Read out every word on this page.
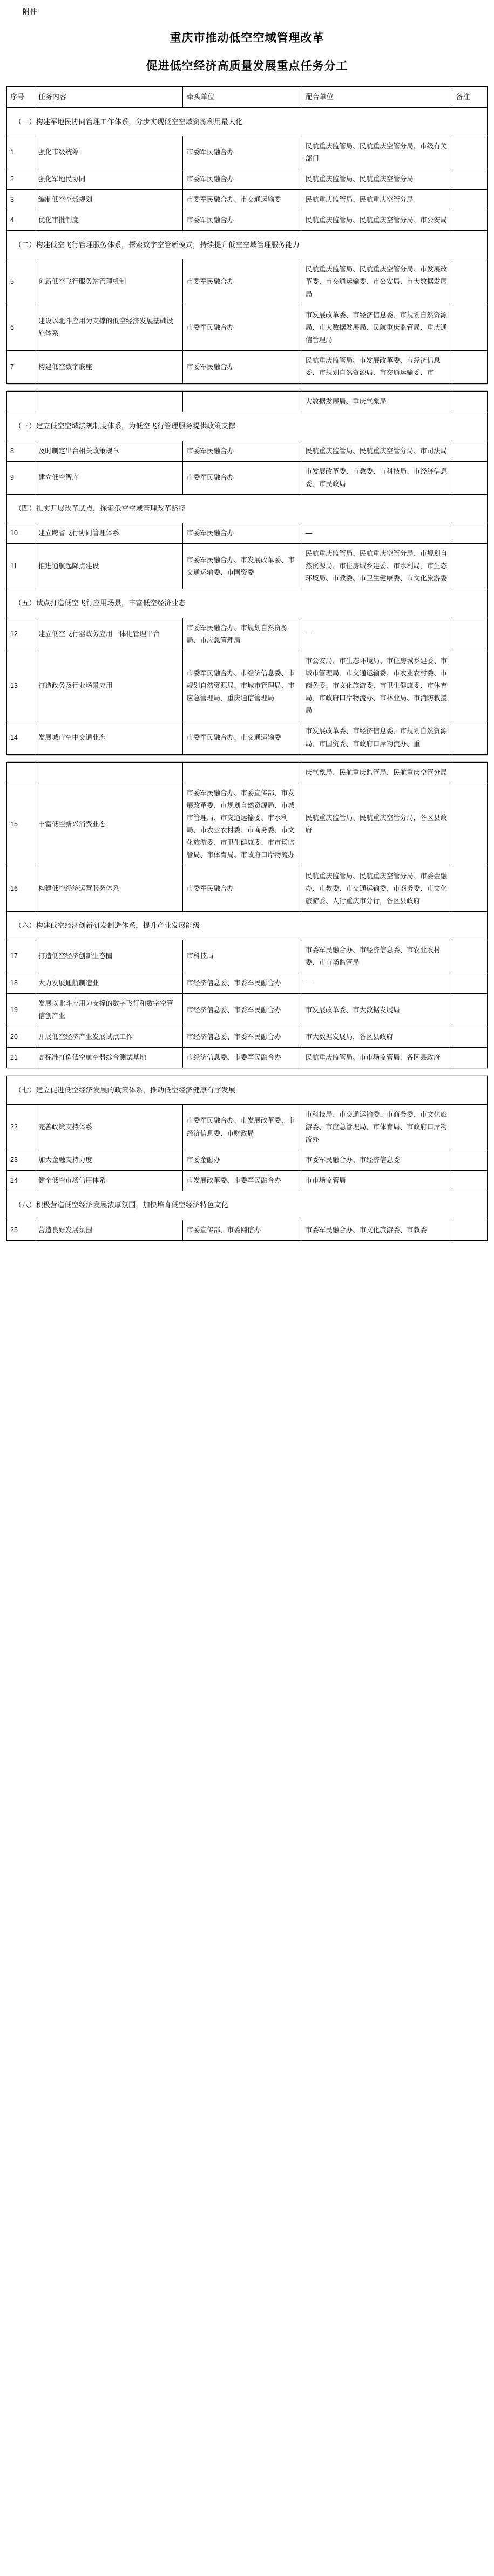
附件
重庆市推动低空空域管理改革
促进低空经济高质量发展重点任务分工
序号	任务内容	牵头单位	配合单位	备注
（一）构建军地民协同管理工作体系，分步实现低空空域资源利用最大化				
1	强化市级统筹	市委军民融合办	民航重庆监管局、民航重庆空管分局，市级有关部门	
2	强化军地民协同	市委军民融合办	民航重庆监管局、民航重庆空管分局	
3	编制低空空域规划	市委军民融合办、市交通运输委	民航重庆监管局、民航重庆空管分局	
4	优化审批制度	市委军民融合办	民航重庆监管局、民航重庆空管分局、市公安局	
（二）构建低空飞行管理服务体系，探索数字空管新模式，持续提升低空空域管理服务能力				
5	创新低空飞行服务站管理机制	市委军民融合办	民航重庆监管局、民航重庆空管分局、市发展改革委、市交通运输委、市公安局、市大数据发展局	
6	建设以北斗应用为支撑的低空经济发展基础设施体系	市委军民融合办	市发展改革委、市经济信息委、市规划自然资源局、市大数据发展局、民航重庆监管局、重庆通信管理局	
7	构建低空数字底座	市委军民融合办	民航重庆监管局、市发展改革委、市经济信息委、市规划自然资源局、市交通运输委、市	

			大数据发展局、重庆气象局	
（三）建立低空空域法规制度体系，为低空飞行管理服务提供政策支撑				
8	及时制定出台相关政策规章	市委军民融合办	民航重庆监管局、民航重庆空管分局、市司法局	
9	建立低空智库	市委军民融合办	市发展改革委、市教委、市科技局、市经济信息委、市民政局	
（四）扎实开展改革试点，探索低空空域管理改革路径				
10	建立跨省飞行协同管理体系	市委军民融合办	—	
11	推进通航起降点建设	市委军民融合办、市发展改革委、市交通运输委、市国资委	民航重庆监管局、民航重庆空管分局、市规划自然资源局、市住房城乡建委、市水利局、市生态环境局、市教委、市卫生健康委、市文化旅游委	
（五）试点打造低空飞行应用场景，丰富低空经济业态				
12	建立低空飞行器政务应用一体化管理平台	市委军民融合办、市规划自然资源局、市应急管理局	—	
13	打造政务及行业场景应用	市委军民融合办、市经济信息委、市规划自然资源局、市城市管理局、市应急管理局、重庆通信管理局	市公安局、市生态环境局、市住房城乡建委、市城市管理局、市交通运输委、市农业农村委、市商务委、市文化旅游委、市卫生健康委、市体育局、市政府口岸物流办、市林业局、市消防救援局	
14	发展城市空中交通业态	市委军民融合办、市交通运输委	市发展改革委、市经济信息委、市规划自然资源局、市国资委、市政府口岸物流办、重	

			庆气象局、民航重庆监管局、民航重庆空管分局	
15	丰富低空新兴消费业态	市委军民融合办、市委宣传部、市发展改革委、市规划自然资源局、市城市管理局、市交通运输委、市水利局、市农业农村委、市商务委、市文化旅游委、市卫生健康委、市市场监管局、市体育局、市政府口岸物流办	民航重庆监管局、民航重庆空管分局，各区县政府	
16	构建低空经济运营服务体系	市委军民融合办	民航重庆监管局、民航重庆空管分局、市委金融办、市教委、市交通运输委、市商务委、市文化旅游委、人行重庆市分行，各区县政府	
（六）构建低空经济创新研发制造体系，提升产业发展能级				
17	打造低空经济创新生态圈	市科技局	市委军民融合办、市经济信息委、市农业农村委、市市场监管局	
18	大力发展通航制造业	市经济信息委、市委军民融合办	—	
19	发展以北斗应用为支撑的数字飞行和数字空管信创产业	市经济信息委、市委军民融合办	市发展改革委、市大数据发展局	
20	开展低空经济产业发展试点工作	市经济信息委、市委军民融合办	市大数据发展局，各区县政府	
21	高标准打造低空航空器综合测试基地	市经济信息委、市委军民融合办	民航重庆监管局、市市场监管局，各区县政府	

（七）建立促进低空经济发展的政策体系，推动低空经济健康有序发展				
22	完善政策支持体系	市委军民融合办、市发展改革委、市经济信息委、市财政局	市科技局、市交通运输委、市商务委、市文化旅游委、市应急管理局、市体育局、市政府口岸物流办	
23	加大金融支持力度	市委金融办	市委军民融合办、市经济信息委	
24	健全低空市场信用体系	市发展改革委、市委军民融合办	市市场监管局	
（八）积极营造低空经济发展浓厚氛围，加快培育低空经济特色文化				
25	营造良好发展氛围	市委宣传部、市委网信办	市委军民融合办、市文化旅游委、市教委	
